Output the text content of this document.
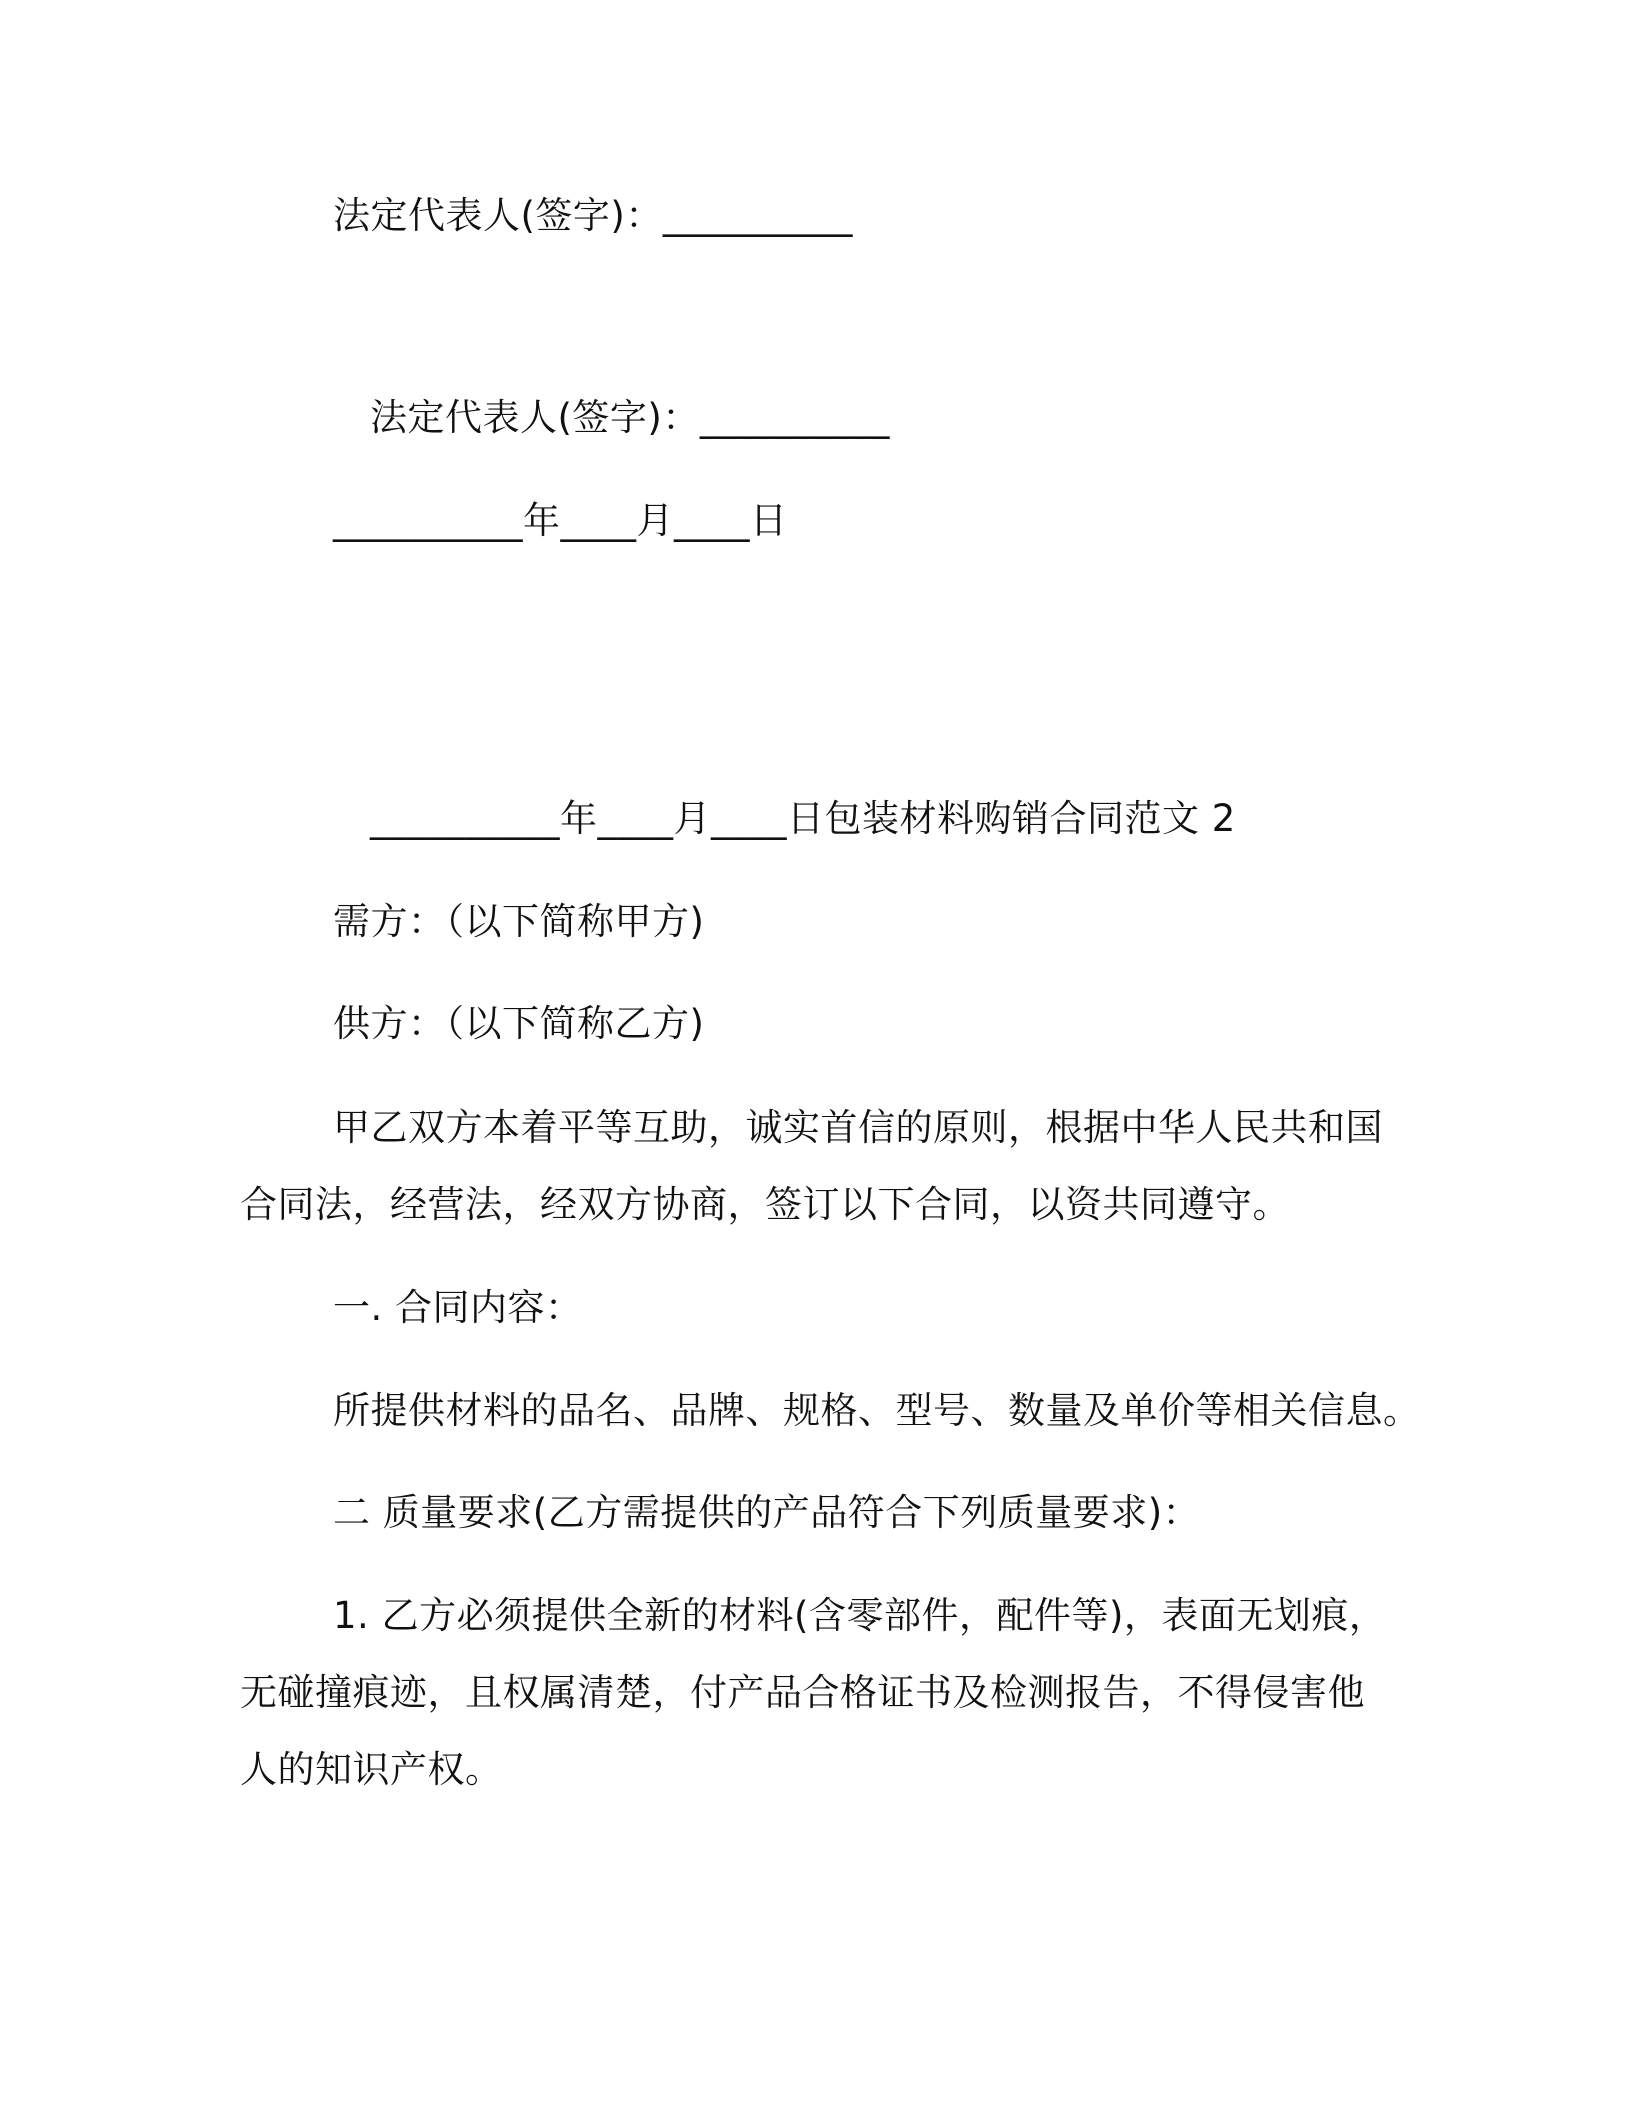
法定代表人(签字)：__________
法定代表人(签字)：__________
__________年____月____日
__________年____月____日包装材料购销合同范文 2
需方：（以下简称甲方)
供方：（以下简称乙方)
甲乙双方本着平等互助，诚实首信的原则，根据中华人民共和国
合同法，经营法，经双方协商，签订以下合同，以资共同遵守。
一. 合同内容：
所提供材料的品名、品牌、规格、型号、数量及单价等相关信息。
二 质量要求(乙方需提供的产品符合下列质量要求)：
1. 乙方必须提供全新的材料(含零部件，配件等)，表面无划痕，
无碰撞痕迹，且权属清楚，付产品合格证书及检测报告，不得侵害他
人的知识产权。
